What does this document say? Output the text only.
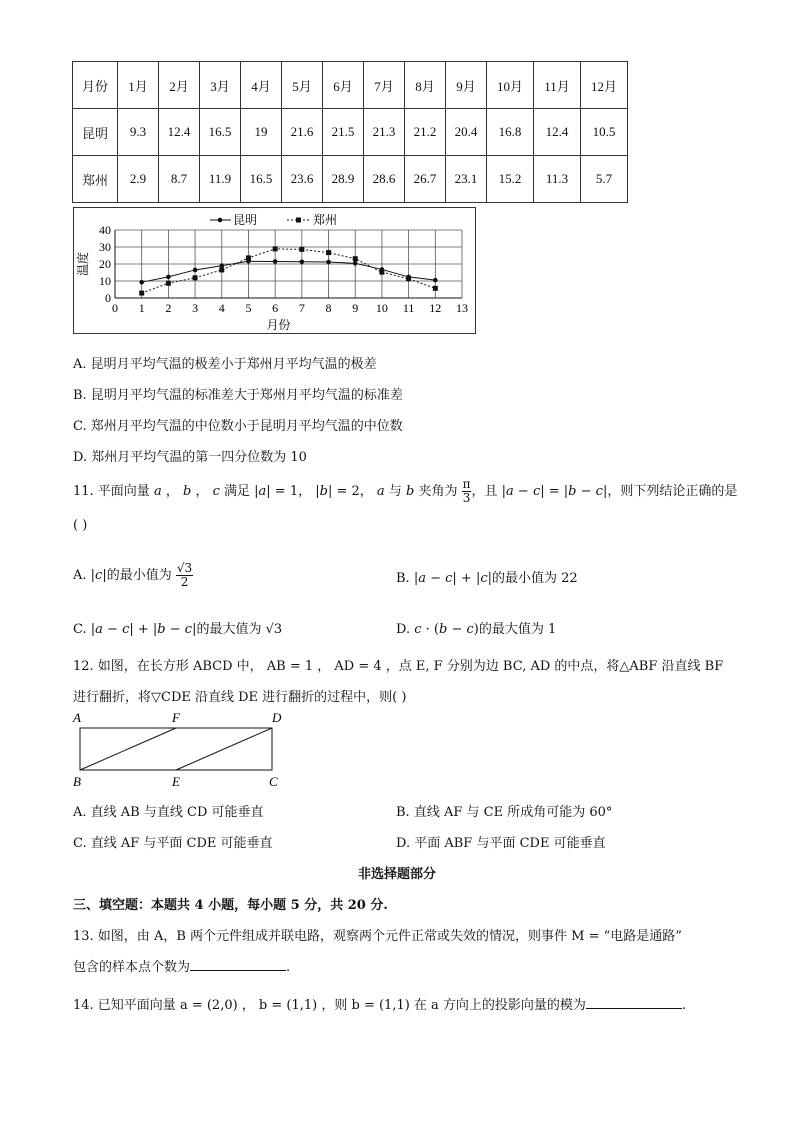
月份	1月	2月	3月	4月	5月	6月	7月	8月	9月	10月	11月	12月
昆明	9.3	12.4	16.5	19	21.6	21.5	21.3	21.2	20.4	16.8	12.4	10.5
郑州	2.9	8.7	11.9	16.5	23.6	28.9	28.6	26.7	23.1	15.2	11.3	5.7
0 1 2 3 4 5 6 7 8 9 10 11 12 13
0
10
20
30
40
昆明	郑州
温度
月份
A. 昆明月平均气温的极差小于郑州月平均气温的极差
B. 昆明月平均气温的标准差大于郑州月平均气温的标准差
C. 郑州月平均气温的中位数小于昆明月平均气温的中位数
D. 郑州月平均气温的第一四分位数为 10
11. 平面向量 a ， b ， c 满足 |a| = 1， |b| = 2， a 与 b 夹角为 $\frac{\pi}{3}$ ，且 |a − c| = |b − c|，则下列结论正确的是
( )
A. |c|的最小值为 $\frac{√3}{2}$	B. |a − c| + |c|的最小值为 22
C. |a − c| + |b − c|的最大值为 √3	D. c · (b − c)的最大值为 1
12. 如图，在长方形 ABCD 中， AB = 1 ， AD = 4 ，点 E, F 分别为边 BC, AD 的中点，将△ABF 沿直线 BF
进行翻折，将▽CDE 沿直线 DE 进行翻折的过程中，则( )
A	F	D
B	E	C
A. 直线 AB 与直线 CD 可能垂直	B. 直线 AF 与 CE 所成角可能为 60°
C. 直线 AF 与平面 CDE 可能垂直	D. 平面 ABF 与平面 CDE 可能垂直
非选择题部分
三、填空题：本题共 4 小题，每小题 5 分，共 20 分.
13. 如图，由 A，B 两个元件组成并联电路，观察两个元件正常或失效的情况，则事件 M = “电路是通路”
包含的样本点个数为	.
14. 已知平面向量 a = (2,0) ， b = (1,1) ，则 b = (1,1) 在 a 方向上的投影向量的模为	.
